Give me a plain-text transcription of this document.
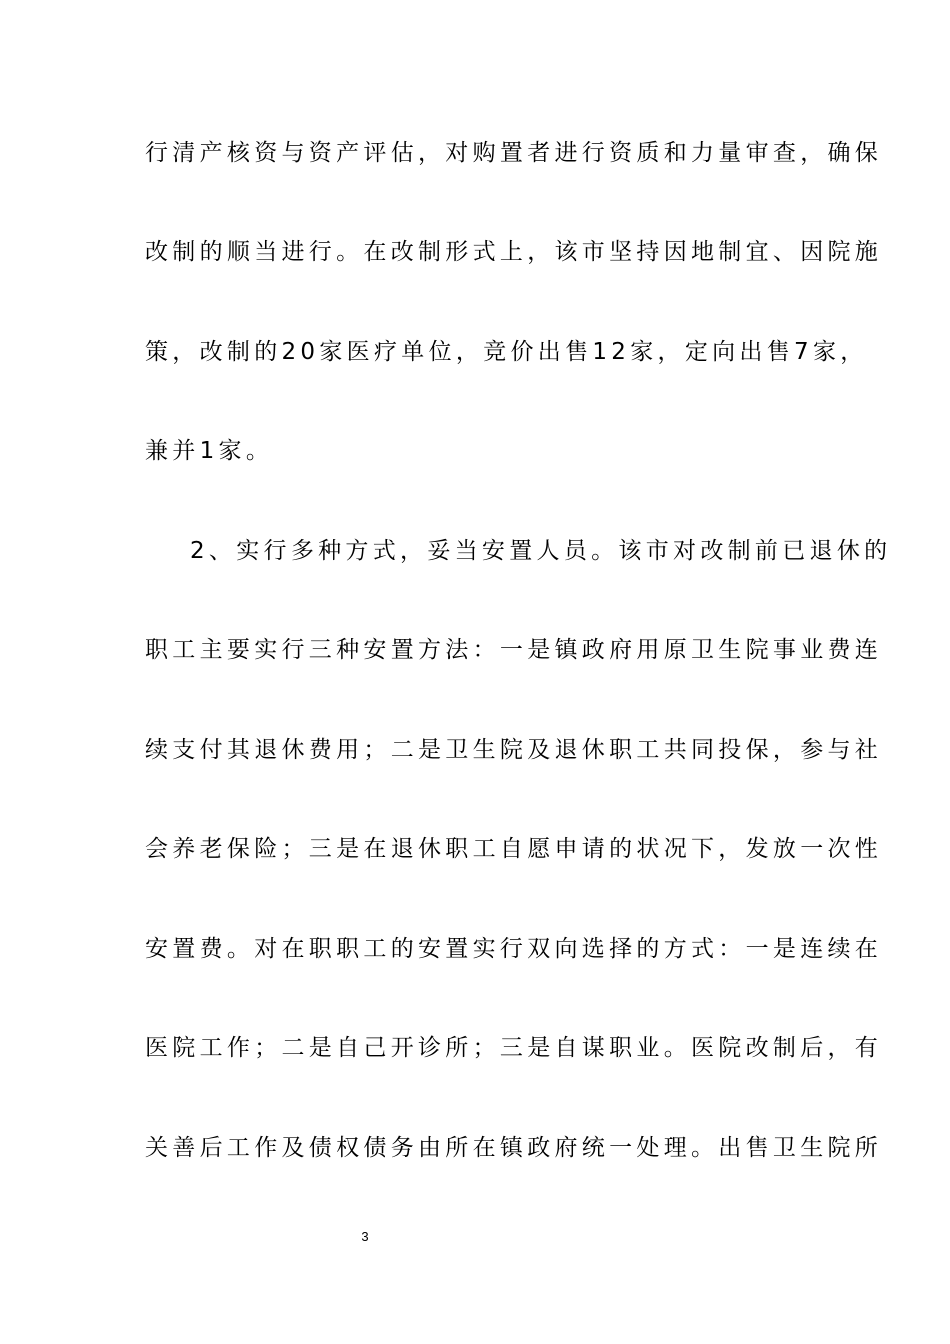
行清产核资与资产评估，对购置者进行资质和力量审查，确保
改制的顺当进行。在改制形式上，该市坚持因地制宜、因院施
策，改制的20家医疗单位，竞价出售12家，定向出售7家，
兼并1家。
2、实行多种方式，妥当安置人员。该市对改制前已退休的
职工主要实行三种安置方法：一是镇政府用原卫生院事业费连
续支付其退休费用；二是卫生院及退休职工共同投保，参与社
会养老保险；三是在退休职工自愿申请的状况下，发放一次性
安置费。对在职职工的安置实行双向选择的方式：一是连续在
医院工作；二是自己开诊所；三是自谋职业。医院改制后，有
关善后工作及债权债务由所在镇政府统一处理。出售卫生院所
3
